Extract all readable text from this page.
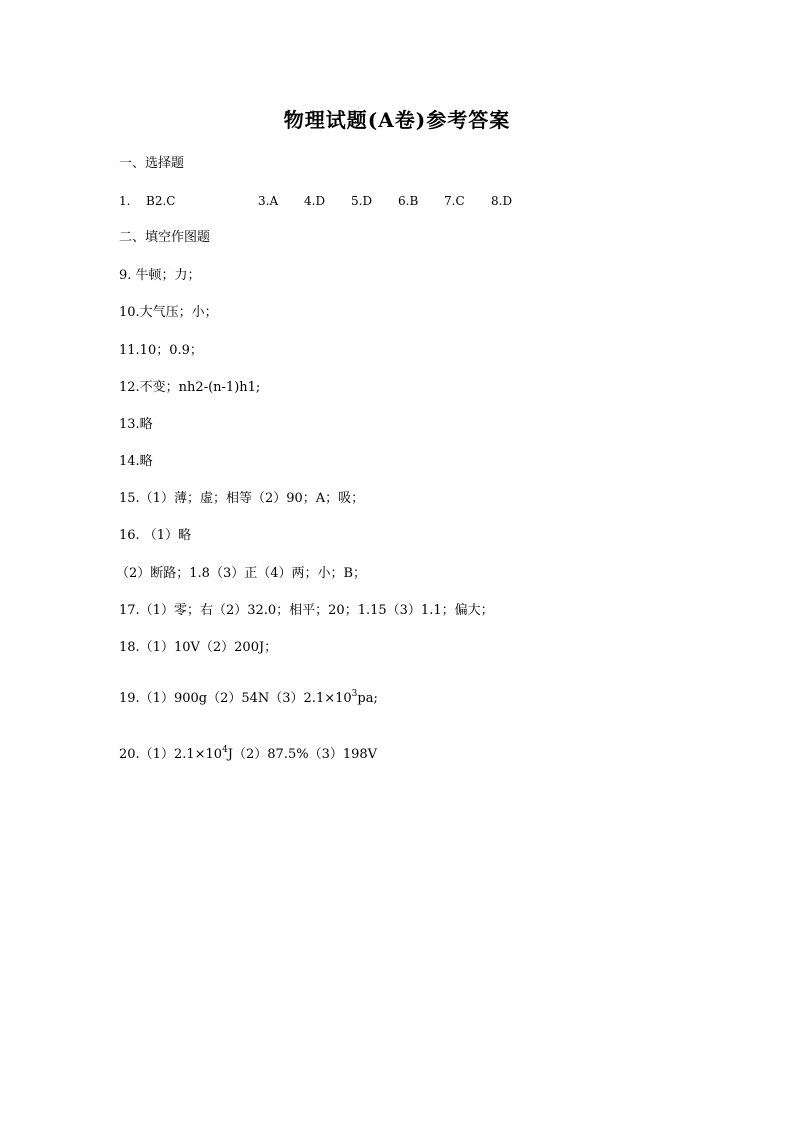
物理试题(A卷)参考答案
一、选择题
1. B2.C	3.A 4.D 5.D 6.B 7.C 8.D
二、填空作图题
9. 牛顿；力；
10.大气压；小；
11.10；0.9；
12.不变；nh2-(n-1)h1;
13.略
14.略
15.（1）薄；虚；相等（2）90；A；吸；
16. （1）略
（2）断路；1.8（3）正（4）两；小；B；
17.（1）零；右（2）32.0；相平；20；1.15（3）1.1；偏大；
18.（1）10V（2）200J；
$19.(1)900g(2)54N(3)2.1\times 10^3pa$;
$20.(1)2.1\times 10^4J(2)87.5\%(3)198V$
